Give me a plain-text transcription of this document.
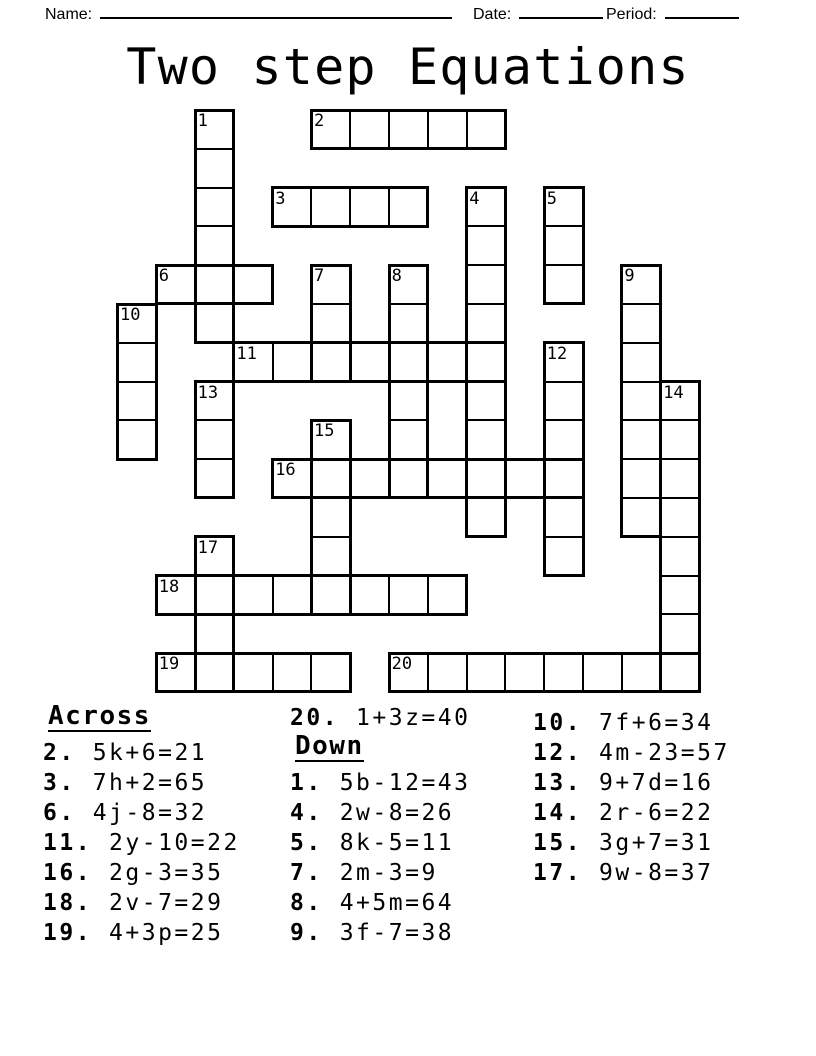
Name:	Date:	Period:
Two step Equations
1	2
3	4	5
6	7	8	9
10
11	12
13	14
15
16
17
18
19	20
Across
2. 5k+6=21
3. 7h+2=65
6. 4j-8=32
11. 2y-10=22
16. 2g-3=35
18. 2v-7=29
19. 4+3p=25
20. 1+3z=40
Down
1. 5b-12=43
4. 2w-8=26
5. 8k-5=11
7. 2m-3=9
8. 4+5m=64
9. 3f-7=38
10. 7f+6=34
12. 4m-23=57
13. 9+7d=16
14. 2r-6=22
15. 3g+7=31
17. 9w-8=37
